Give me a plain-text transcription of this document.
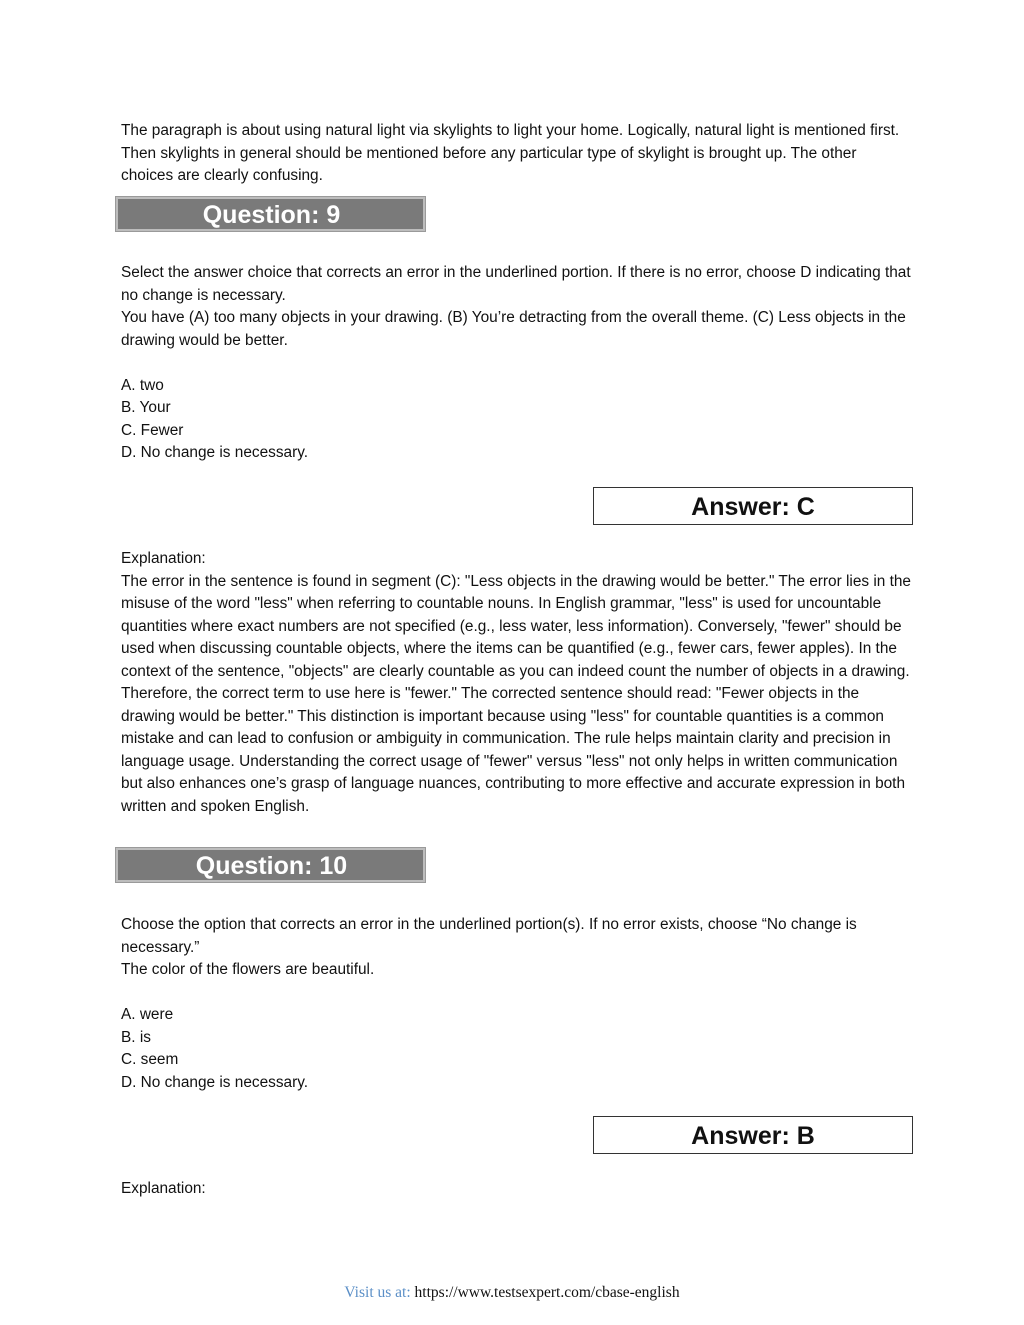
The paragraph is about using natural light via skylights to light your home. Logically, natural light is mentioned first. Then skylights in general should be mentioned before any particular type of skylight is brought up. The other choices are clearly confusing.

Question: 9

Select the answer choice that corrects an error in the underlined portion. If there is no error, choose D indicating that no change is necessary.

You have (A) too many objects in your drawing. (B) You’re detracting from the overall theme. (C) Less objects in the drawing would be better.

A. two
B. Your
C. Fewer
D. No change is necessary.
Answer: C

Explanation:

The error in the sentence is found in segment (C): "Less objects in the drawing would be better." The error lies in the misuse of the word "less" when referring to countable nouns. In English grammar, "less" is used for uncountable quantities where exact numbers are not specified (e.g., less water, less information). Conversely, "fewer" should be used when discussing countable objects, where the items can be quantified (e.g., fewer cars, fewer apples). In the context of the sentence, "objects" are clearly countable as you can indeed count the number of objects in a drawing. Therefore, the correct term to use here is "fewer." The corrected sentence should read: "Fewer objects in the drawing would be better." This distinction is important because using "less" for countable quantities is a common mistake and can lead to confusion or ambiguity in communication. The rule helps maintain clarity and precision in language usage. Understanding the correct usage of "fewer" versus "less" not only helps in written communication but also enhances one’s grasp of language nuances, contributing to more effective and accurate expression in both written and spoken English.

Question: 10

Choose the option that corrects an error in the underlined portion(s). If no error exists, choose “No change is necessary.”

The color of the flowers are beautiful.

A. were
B. is
C. seem
D. No change is necessary.
Answer: B

Explanation:

Visit us at: https://www.testsexpert.com/cbase-english
